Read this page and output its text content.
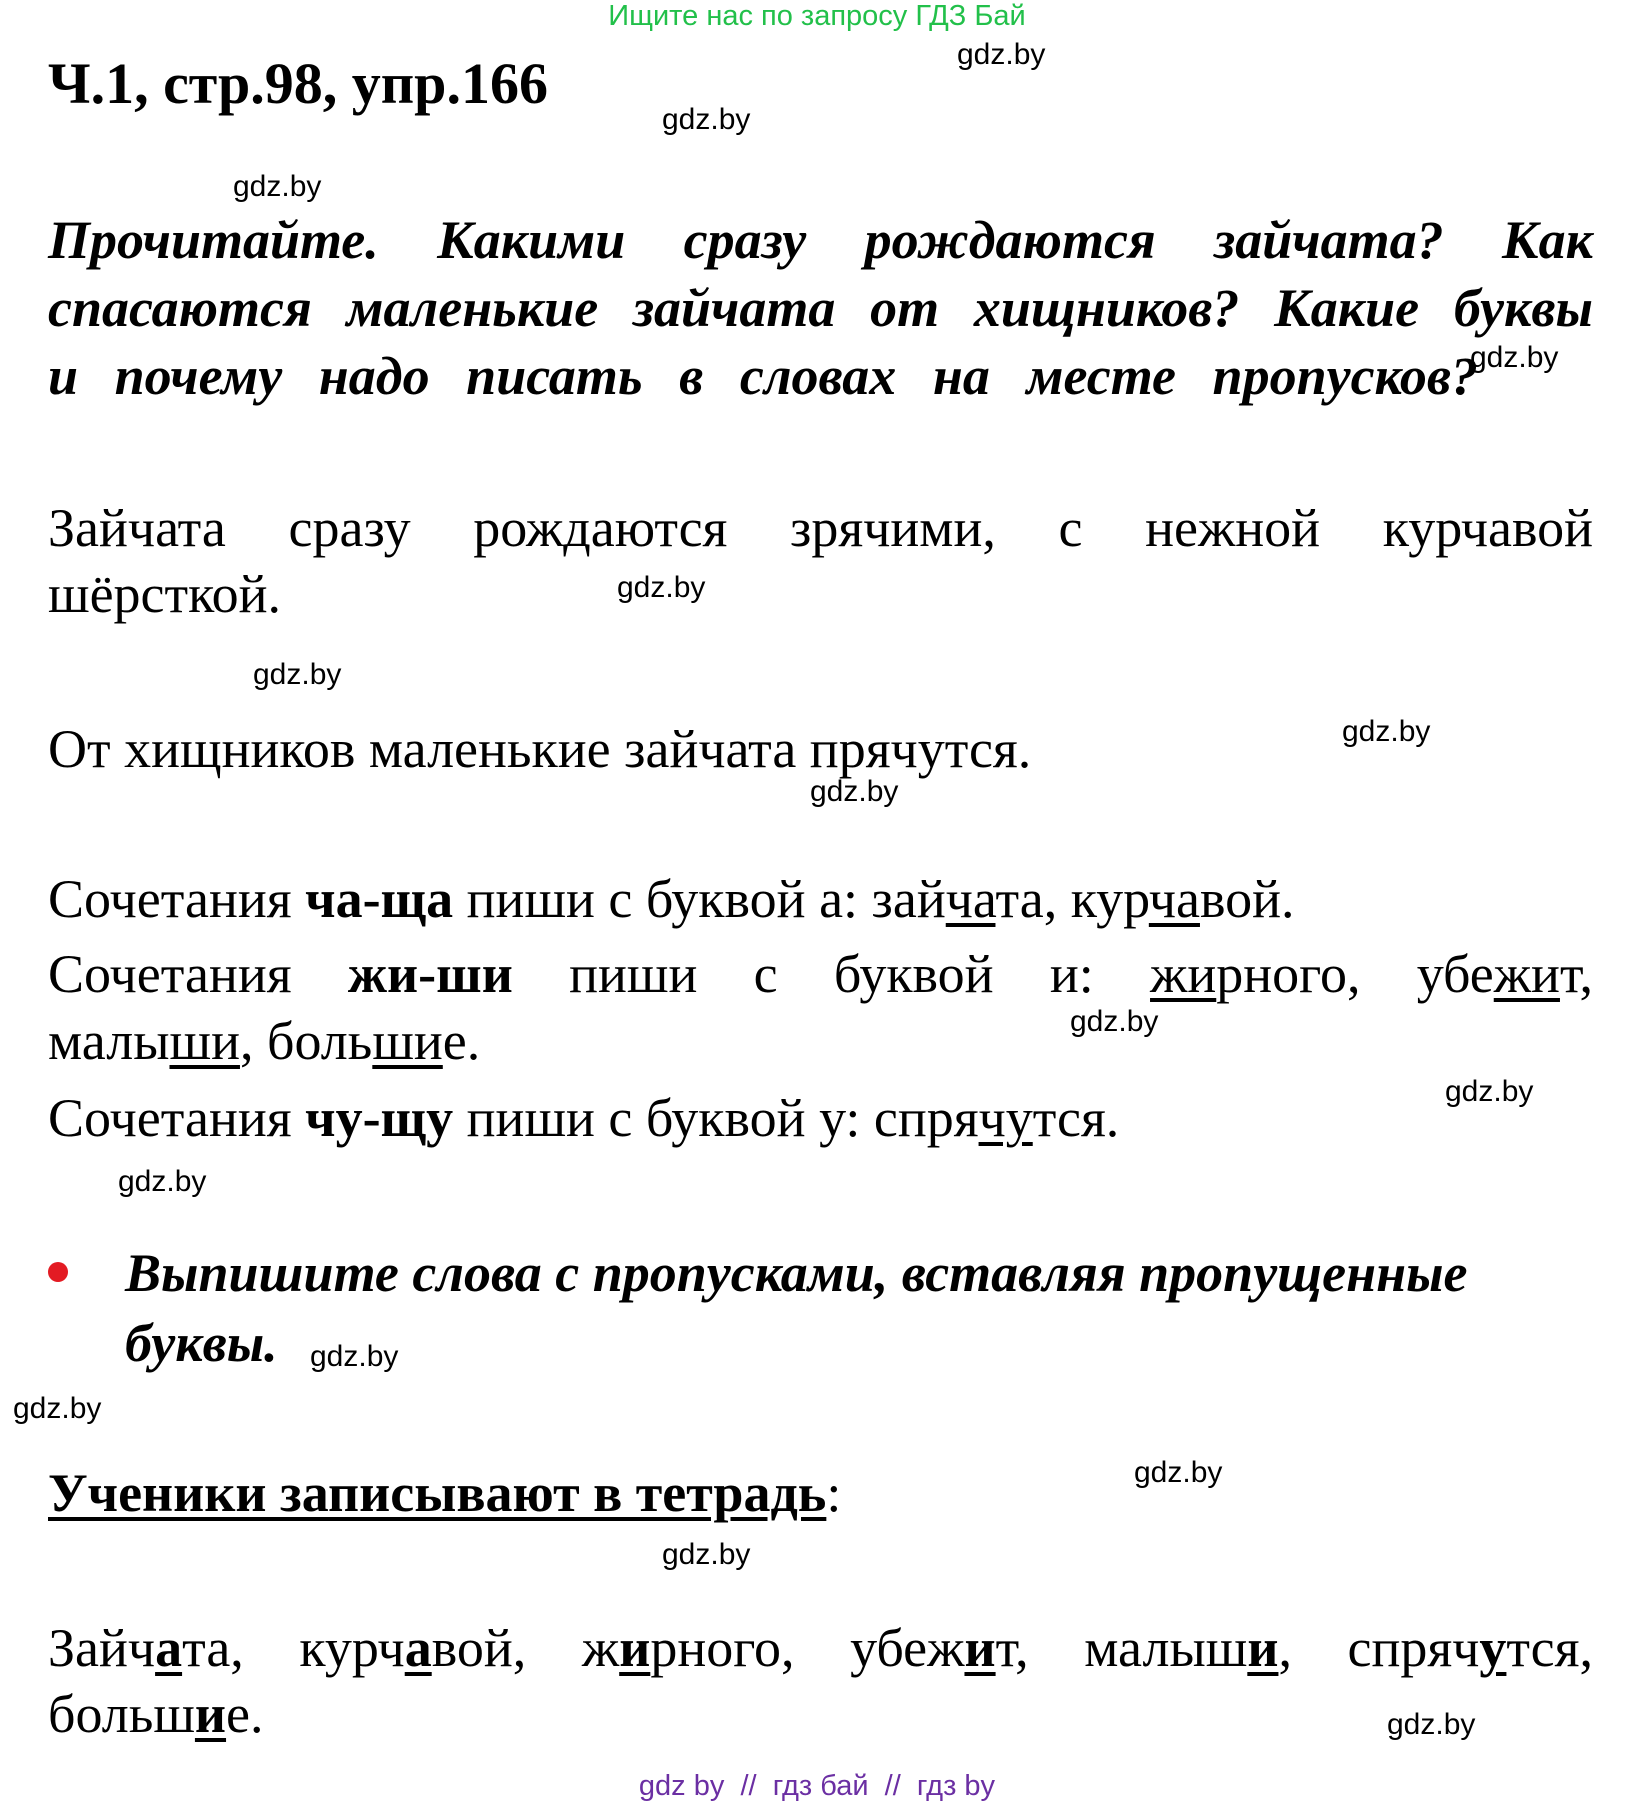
Ищите нас по запросу ГДЗ Бай
Ч.1, стр.98, упр.166
Прочитайте. Какими сразу рождаются зайчата? Как
спасаются маленькие зайчата от хищников? Какие буквы
и почему надо писать в словах на месте пропусков?
Зайчата сразу рождаются зрячими, с нежной курчавой
шёрсткой.
От хищников маленькие зайчата прячутся.
Сочетания ча-ща пиши с буквой а: зайчата, курчавой.
Сочетания жи-ши пиши с буквой и: жирного, убежит,
малыши, большие.
Сочетания чу-щу пиши с буквой у: спрячутся.
Выпишите слова с пропусками, вставляя пропущенные
буквы.
Ученики записывают в тетрадь:
Зайчата, курчавой, жирного, убежит, малыши, спрячутся,
большие.
gdz.by
gdz.by
gdz.by
gdz.by
gdz.by
gdz.by
gdz.by
gdz.by
gdz.by
gdz.by
gdz.by
gdz.by
gdz.by
gdz.by
gdz.by
gdz.by
gdz by  //  гдз бай  //  гдз by
